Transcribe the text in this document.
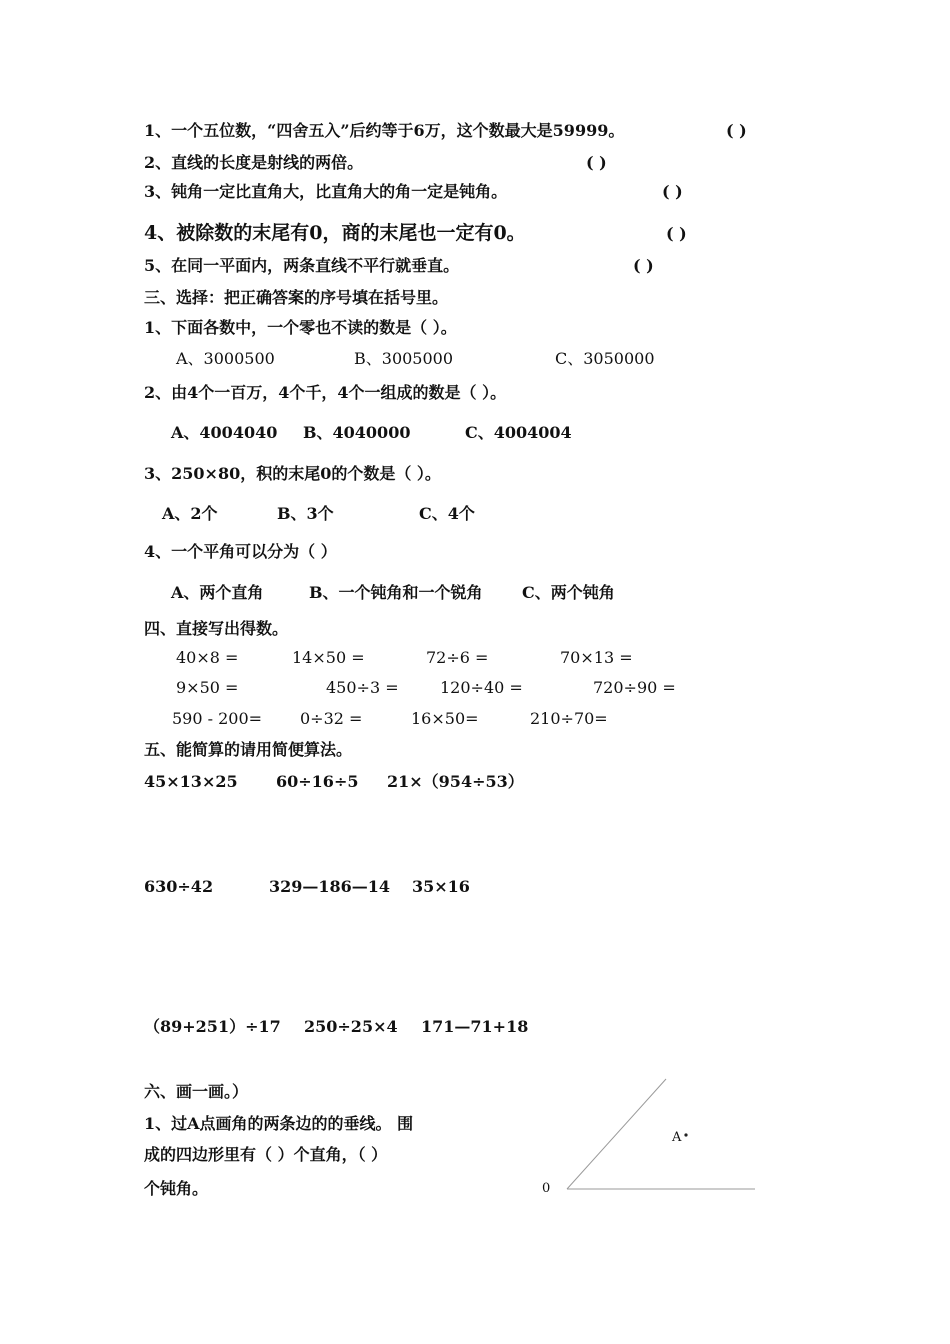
1、一个五位数，“四舍五入”后约等于6万，这个数最大是59999。	( )
2、直线的长度是射线的两倍。	( )
3、钝角一定比直角大，比直角大的角一定是钝角。	( )
4、被除数的末尾有0，商的末尾也一定有0。	( )
5、在同一平面内，两条直线不平行就垂直。	( )
三、选择：把正确答案的序号填在括号里。
1、下面各数中，一个零也不读的数是（ ）。
A、3000500	B、3005000	C、3050000
2、由4个一百万，4个千，4个一组成的数是（ ）。
A、4004040 B、4040000	C、4004004
3、250×80，积的末尾0的个数是（ ）。
A、2个	B、3个	C、4个
4、一个平角可以分为（ ）
A、两个直角	B、一个钝角和一个锐角 C、两个钝角
四、直接写出得数。
40×8 =	14×50 =	72÷6 =	70×13 =
9×50 =	450÷3 =	120÷40 =	720÷90 =
590 - 200= 0÷32 =	16×50=	210÷70=
五、能简算的请用简便算法。
45×13×25 60÷16÷5 21×（954÷53）
630÷42	329—186—14 35×16
（89+251）÷17 250÷25×4 171—71+18
六、画一画。）
1、过A点画角的两条边的的垂线。 围
成的四边形里有（ ）个直角，（ ）
个钝角。
A
0
